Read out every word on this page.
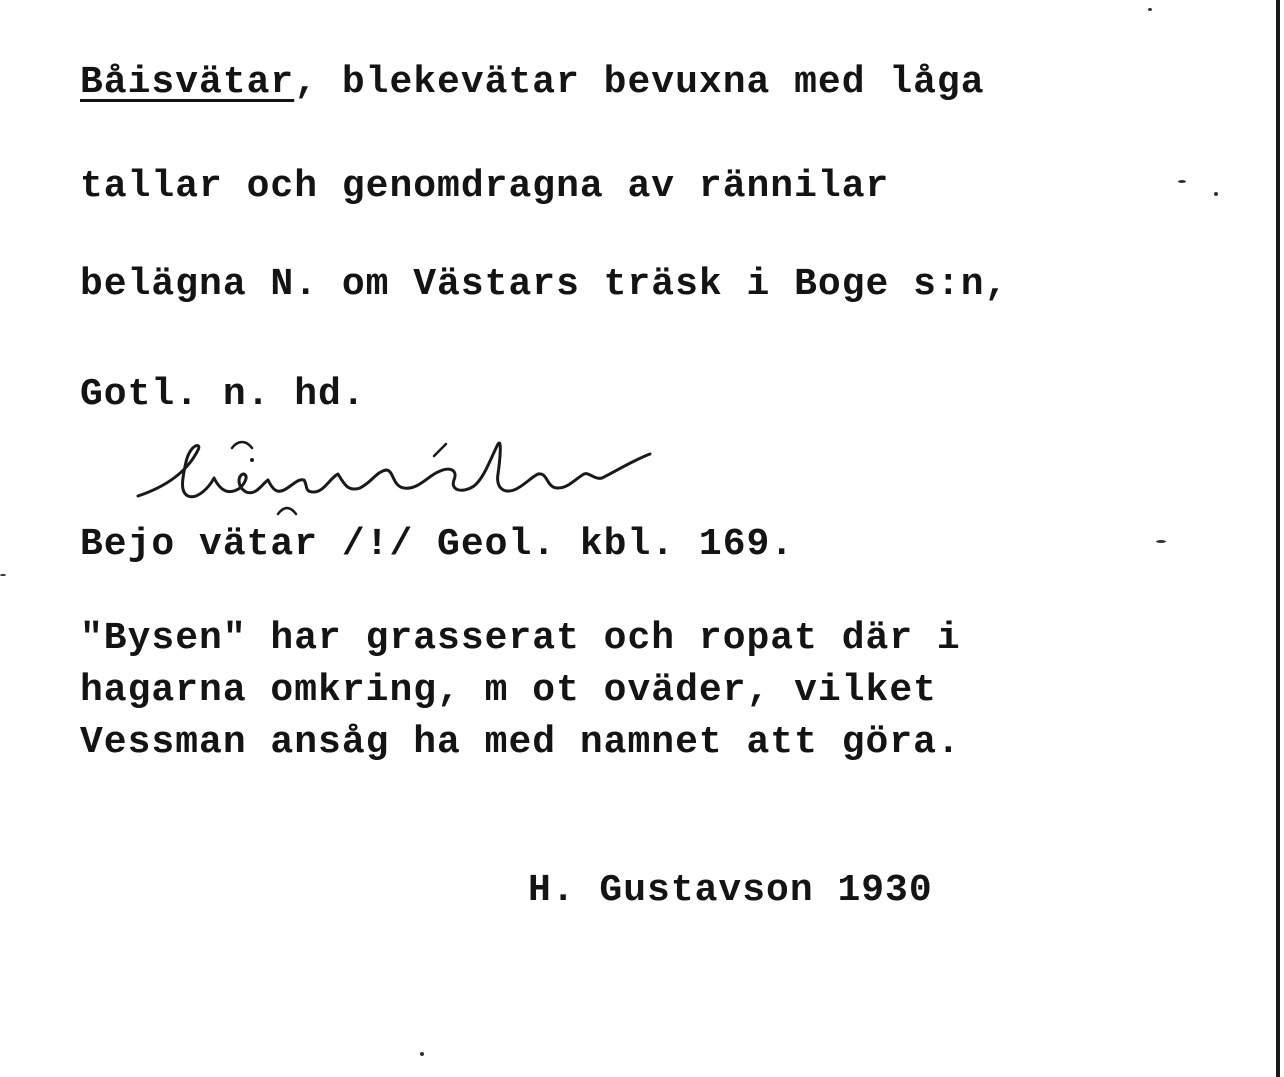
Båisvätar, blekevätar bevuxna med låga
tallar och genomdragna av rännilar
belägna N. om Västars träsk i Boge s:n,
Gotl. n. hd.
Bejo vätar /!/ Geol. kbl. 169.
"Bysen" har grasserat och ropat där i
hagarna omkring, m ot oväder, vilket
Vessman ansåg ha med namnet att göra.
H. Gustavson 1930
